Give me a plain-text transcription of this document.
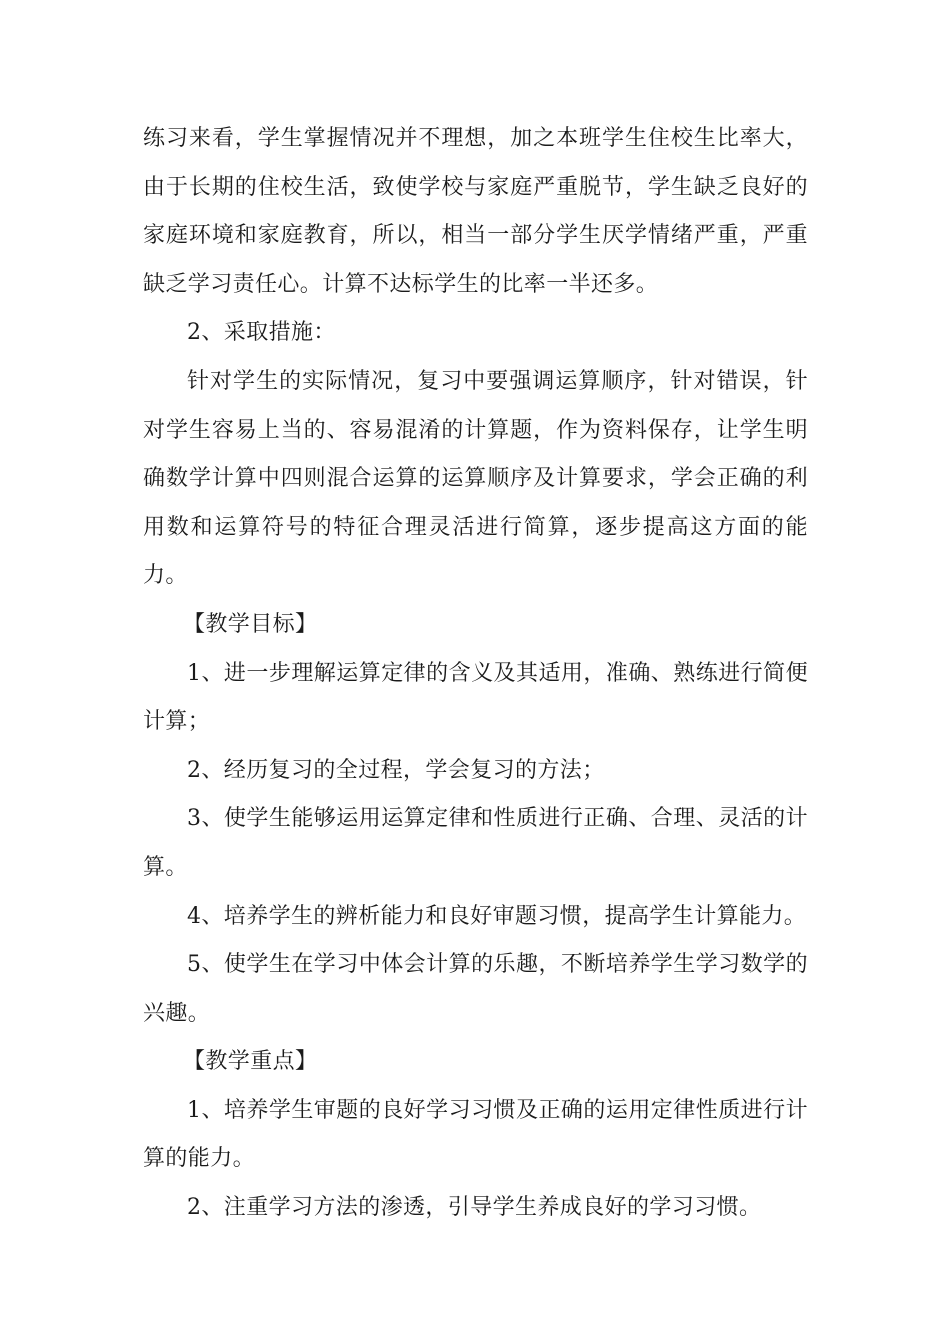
练习来看，学生掌握情况并不理想，加之本班学生住校生比率大，由于长期的住校生活，致使学校与家庭严重脱节，学生缺乏良好的家庭环境和家庭教育，所以，相当一部分学生厌学情绪严重，严重缺乏学习责任心。计算不达标学生的比率一半还多。

2、采取措施：

针对学生的实际情况，复习中要强调运算顺序，针对错误，针对学生容易上当的、容易混淆的计算题，作为资料保存，让学生明确数学计算中四则混合运算的运算顺序及计算要求，学会正确的利用数和运算符号的特征合理灵活进行简算，逐步提高这方面的能力。

【教学目标】

1、进一步理解运算定律的含义及其适用，准确、熟练进行简便计算；

2、经历复习的全过程，学会复习的方法；

3、使学生能够运用运算定律和性质进行正确、合理、灵活的计算。

4、培养学生的辨析能力和良好审题习惯，提高学生计算能力。

5、使学生在学习中体会计算的乐趣，不断培养学生学习数学的兴趣。

【教学重点】

1、培养学生审题的良好学习习惯及正确的运用定律性质进行计算的能力。

2、注重学习方法的渗透，引导学生养成良好的学习习惯。
